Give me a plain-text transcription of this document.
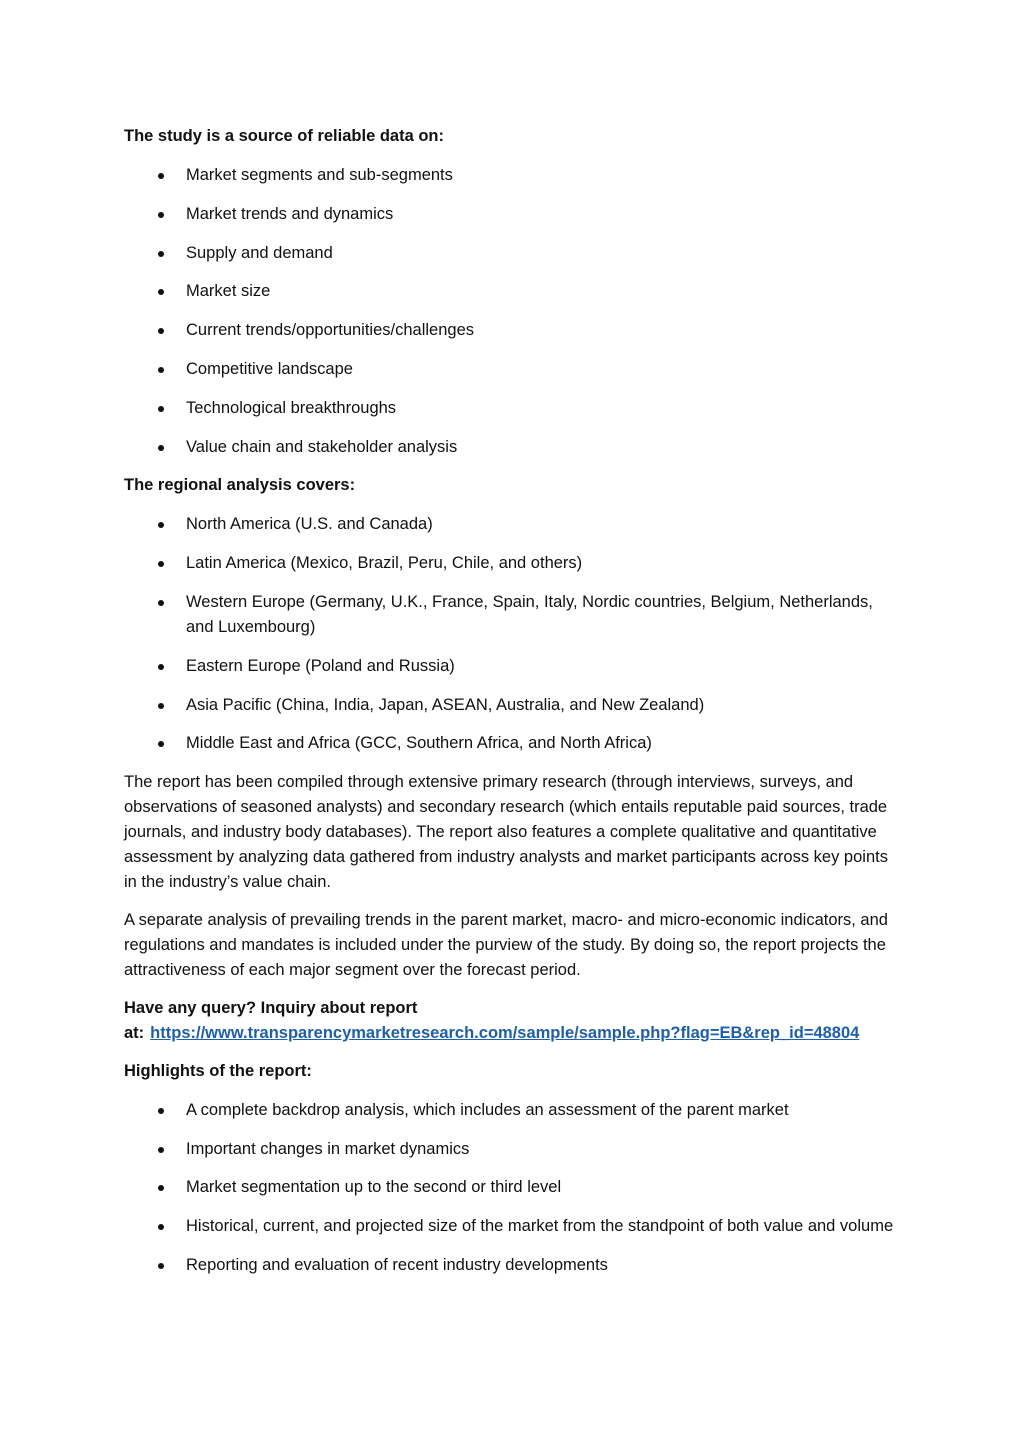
The study is a source of reliable data on:
Market segments and sub-segments
Market trends and dynamics
Supply and demand
Market size
Current trends/opportunities/challenges
Competitive landscape
Technological breakthroughs
Value chain and stakeholder analysis
The regional analysis covers:
North America (U.S. and Canada)
Latin America (Mexico, Brazil, Peru, Chile, and others)
Western Europe (Germany, U.K., France, Spain, Italy, Nordic countries, Belgium, Netherlands, and Luxembourg)
Eastern Europe (Poland and Russia)
Asia Pacific (China, India, Japan, ASEAN, Australia, and New Zealand)
Middle East and Africa (GCC, Southern Africa, and North Africa)

The report has been compiled through extensive primary research (through interviews, surveys, and observations of seasoned analysts) and secondary research (which entails reputable paid sources, trade journals, and industry body databases). The report also features a complete qualitative and quantitative assessment by analyzing data gathered from industry analysts and market participants across key points in the industry’s value chain.

A separate analysis of prevailing trends in the parent market, macro- and micro-economic indicators, and regulations and mandates is included under the purview of the study. By doing so, the report projects the attractiveness of each major segment over the forecast period.

Have any query? Inquiry about report
at: https://www.transparencymarketresearch.com/sample/sample.php?flag=EB&rep_id=48804
Highlights of the report:
A complete backdrop analysis, which includes an assessment of the parent market
Important changes in market dynamics
Market segmentation up to the second or third level
Historical, current, and projected size of the market from the standpoint of both value and volume
Reporting and evaluation of recent industry developments
